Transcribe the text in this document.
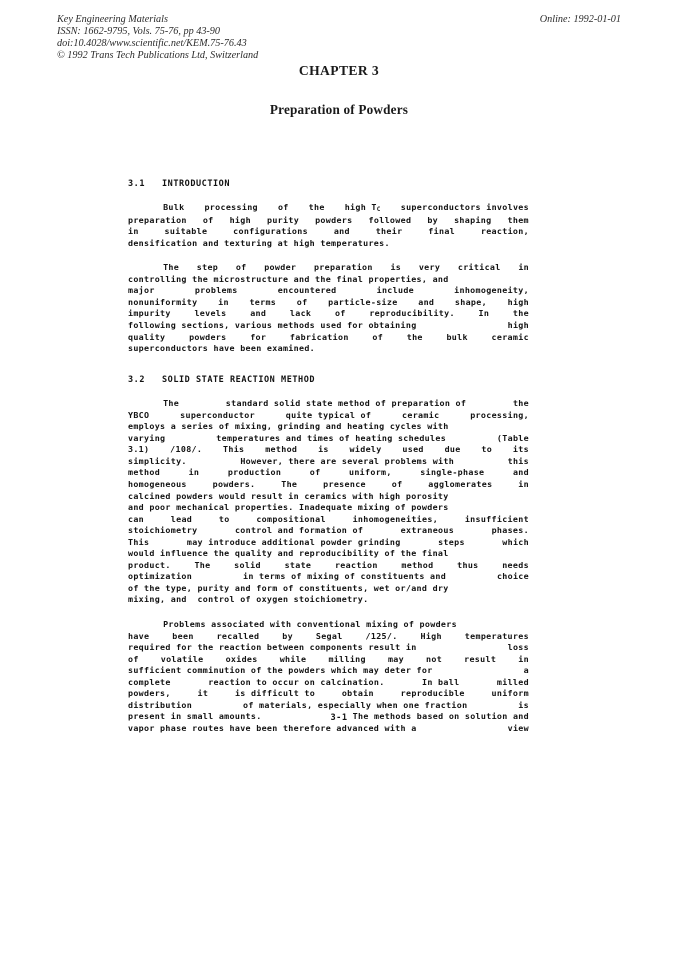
Key Engineering Materials
ISSN: 1662-9795, Vols. 75-76, pp 43-90
doi:10.4028/www.scientific.net/KEM.75-76.43
© 1992 Trans Tech Publications Ltd, Switzerland
Online: 1992-01-01
CHAPTER 3
Preparation of Powders
3.1   INTRODUCTION
Bulk processing of the high $T_C$ superconductors involves
preparation of high purity powders followed by shaping them
in	suitable	configurations	and	their	final	reaction,
densification and texturing at high temperatures.
The step of powder preparation is very critical in
controlling the microstructure and the final properties, and
major	problems	encountered	include	inhomogeneity,
nonuniformity in terms of particle-size and shape, high
impurity	levels	and	lack	of	reproducibility.	In	the
following sections, various methods used for obtaining	high
quality	powders	for	fabrication	of	the	bulk	ceramic
superconductors have been examined.
3.2   SOLID STATE REACTION METHOD
The	standard solid state method of preparation of	the
YBCO	superconductor	quite typical of	ceramic	processing,
employs a series of mixing, grinding and heating cycles with
varying	temperatures and times of heating schedules	(Table
3.1) /108/. This method is widely used due to its
simplicity.	However, there are several problems with	this
method	in	production	of	uniform,	single-phase	and
homogeneous	powders.	The	presence	of	agglomerates	in
calcined powders would result in ceramics with high porosity
and poor mechanical properties. Inadequate mixing of powders
can	lead	to	compositional	inhomogeneities,	insufficient
stoichiometry	control and formation of	extraneous	phases.
This	may introduce additional powder grinding	steps	which
would influence the quality and reproducibility of the final
product.	The	solid	state	reaction	method	thus	needs
optimization	in terms of mixing of constituents and	choice
of the type, purity and form of constituents, wet or/and dry
mixing, and control of oxygen stoichiometry.
Problems associated with conventional mixing of powders
have	been	recalled	by	Segal	/125/.	High	temperatures
required for the reaction between components result in	loss
of	volatile	oxides	while	milling	may	not	result	in
sufficient comminution of the powders which may deter for	a
complete	reaction to occur on calcination.	In ball	milled
powders,	it	is difficult to	obtain	reproducible	uniform
distribution	of materials, especially when one fraction	is
present in small amounts.	The methods based on solution and
vapor phase routes have been therefore advanced with a	view
3-1
